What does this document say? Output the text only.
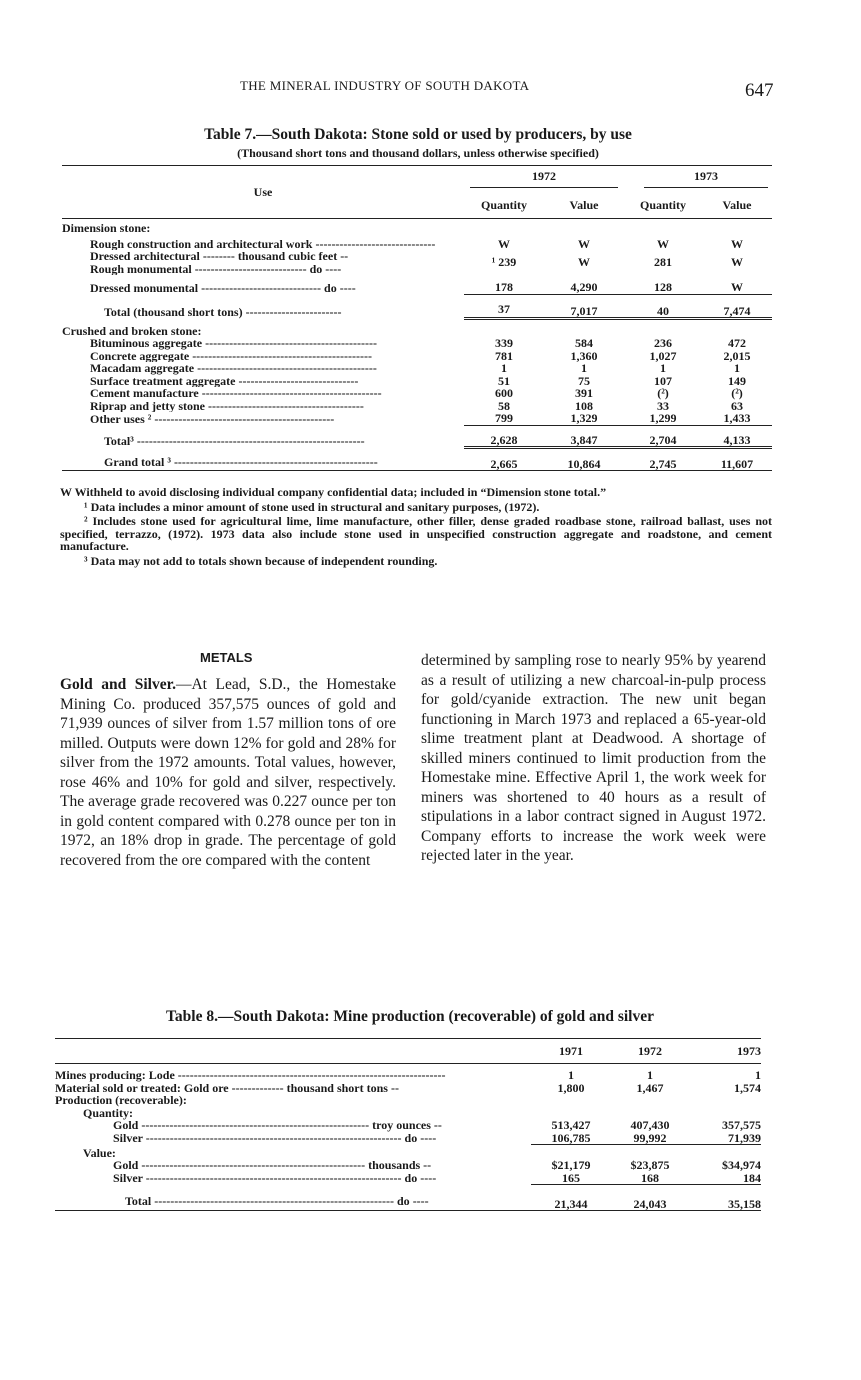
THE MINERAL INDUSTRY OF SOUTH DAKOTA	647
Table 7.—South Dakota: Stone sold or used by producers, by use
(Thousand short tons and thousand dollars, unless otherwise specified)
Use	1972		1973	

	Quantity	Value	Quantity	Value
Dimension stone:				
Rough construction and architectural work ------------------------------	W	W	W	W
Dressed architectural -------- thousand cubic feet --	¹ 239	W	281	W
Rough monumental ---------------------------- do ----				
Dressed monumental ------------------------------ do ----	178	4,290	128	W
Total (thousand short tons) ------------------------	37	7,017	40	7,474
Crushed and broken stone:				
Bituminous aggregate -------------------------------------------	339	584	236	472
Concrete aggregate ---------------------------------------------	781	1,360	1,027	2,015
Macadam aggregate ---------------------------------------------	1	1	1	1
Surface treatment aggregate ------------------------------	51	75	107	149
Cement manufacture ---------------------------------------------	600	391	(²)	(²)
Riprap and jetty stone ---------------------------------------	58	108	33	63
Other uses ² ---------------------------------------------	799	1,329	1,299	1,433
Total³ ---------------------------------------------------------	2,628	3,847	2,704	4,133
Grand total ³ ---------------------------------------------------	2,665	10,864	2,745	11,607

W Withheld to avoid disclosing individual company confidential data; included in “Dimension stone total.”

¹ Data includes a minor amount of stone used in structural and sanitary purposes, (1972).

² Includes stone used for agricultural lime, lime manufacture, other filler, dense graded roadbase stone, railroad ballast, uses not specified, terrazzo, (1972). 1973 data also include stone used in unspecified construction aggregate and roadstone, and cement manufacture.

³ Data may not add to totals shown because of independent rounding.

METALS
Gold and Silver.—At Lead, S.D., the Homestake Mining Co. produced 357,575 ounces of gold and 71,939 ounces of silver from 1.57 million tons of ore milled. Outputs were down 12% for gold and 28% for silver from the 1972 amounts. Total values, however, rose 46% and 10% for gold and silver, respectively. The average grade recovered was 0.227 ounce per ton in gold content compared with 0.278 ounce per ton in 1972, an 18% drop in grade. The percentage of gold recovered from the ore compared with the content
determined by sampling rose to nearly 95% by yearend as a result of utilizing a new charcoal-in-pulp process for gold/cyanide extraction. The new unit began functioning in March 1973 and replaced a 65-year-old slime treatment plant at Deadwood. A shortage of skilled miners continued to limit production from the Homestake mine. Effective April 1, the work week for miners was shortened to 40 hours as a result of stipulations in a labor contract signed in August 1972. Company efforts to increase the work week were rejected later in the year.
Table 8.—South Dakota: Mine production (recoverable) of gold and silver
	1971	1972	1973
Mines producing: Lode -------------------------------------------------------------------	1	1	1
Material sold or treated: Gold ore ------------- thousand short tons --	1,800	1,467	1,574
Production (recoverable):			
Quantity:			
Gold --------------------------------------------------------- troy ounces --	513,427	407,430	357,575
Silver ---------------------------------------------------------------- do ----	106,785	99,992	71,939
Value:			
Gold -------------------------------------------------------- thousands --	$21,179	$23,875	$34,974
Silver ---------------------------------------------------------------- do ----	165	168	184
Total ------------------------------------------------------------ do ----	21,344	24,043	35,158
